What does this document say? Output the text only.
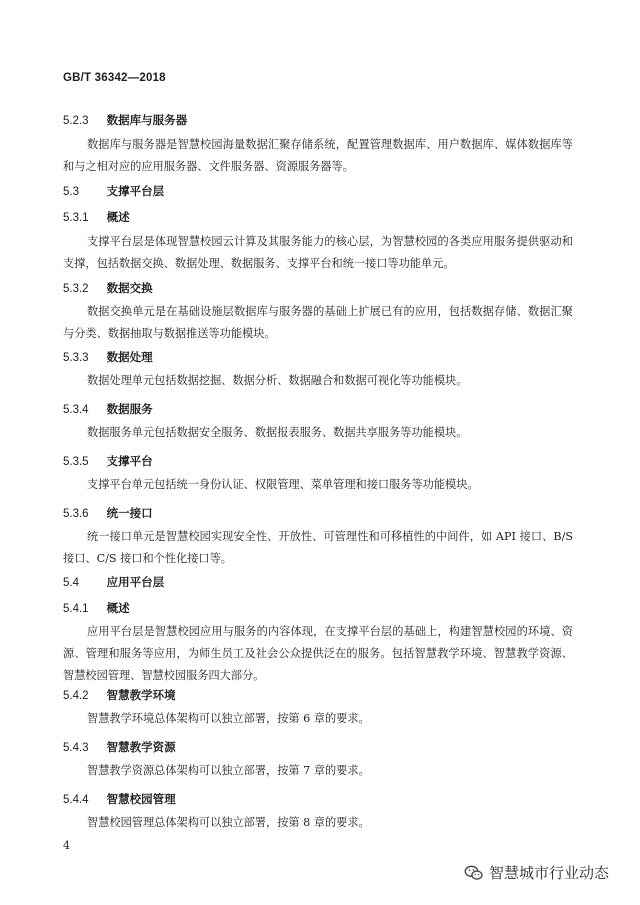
GB/T 36342—2018
5.2.3 数据库与服务器
数据库与服务器是智慧校园海量数据汇聚存储系统，配置管理数据库、用户数据库、媒体数据库等和与之相对应的应用服务器、文件服务器、资源服务器等。
5.3 支撑平台层
5.3.1 概述
支撑平台层是体现智慧校园云计算及其服务能力的核心层，为智慧校园的各类应用服务提供驱动和支撑，包括数据交换、数据处理、数据服务、支撑平台和统一接口等功能单元。
5.3.2 数据交换
数据交换单元是在基础设施层数据库与服务器的基础上扩展已有的应用，包括数据存储、数据汇聚与分类、数据抽取与数据推送等功能模块。
5.3.3 数据处理
数据处理单元包括数据挖掘、数据分析、数据融合和数据可视化等功能模块。
5.3.4 数据服务
数据服务单元包括数据安全服务、数据报表服务、数据共享服务等功能模块。
5.3.5 支撑平台
支撑平台单元包括统一身份认证、权限管理、菜单管理和接口服务等功能模块。
5.3.6 统一接口
统一接口单元是智慧校园实现安全性、开放性、可管理性和可移植性的中间件，如 API 接口、B/S 接口、C/S 接口和个性化接口等。
5.4 应用平台层
5.4.1 概述
应用平台层是智慧校园应用与服务的内容体现，在支撑平台层的基础上，构建智慧校园的环境、资源、管理和服务等应用，为师生员工及社会公众提供泛在的服务。包括智慧教学环境、智慧教学资源、智慧校园管理、智慧校园服务四大部分。
5.4.2 智慧教学环境
智慧教学环境总体架构可以独立部署，按第 6 章的要求。
5.4.3 智慧教学资源
智慧教学资源总体架构可以独立部署，按第 7 章的要求。
5.4.4 智慧校园管理
智慧校园管理总体架构可以独立部署，按第 8 章的要求。
4
智慧城市行业动态
